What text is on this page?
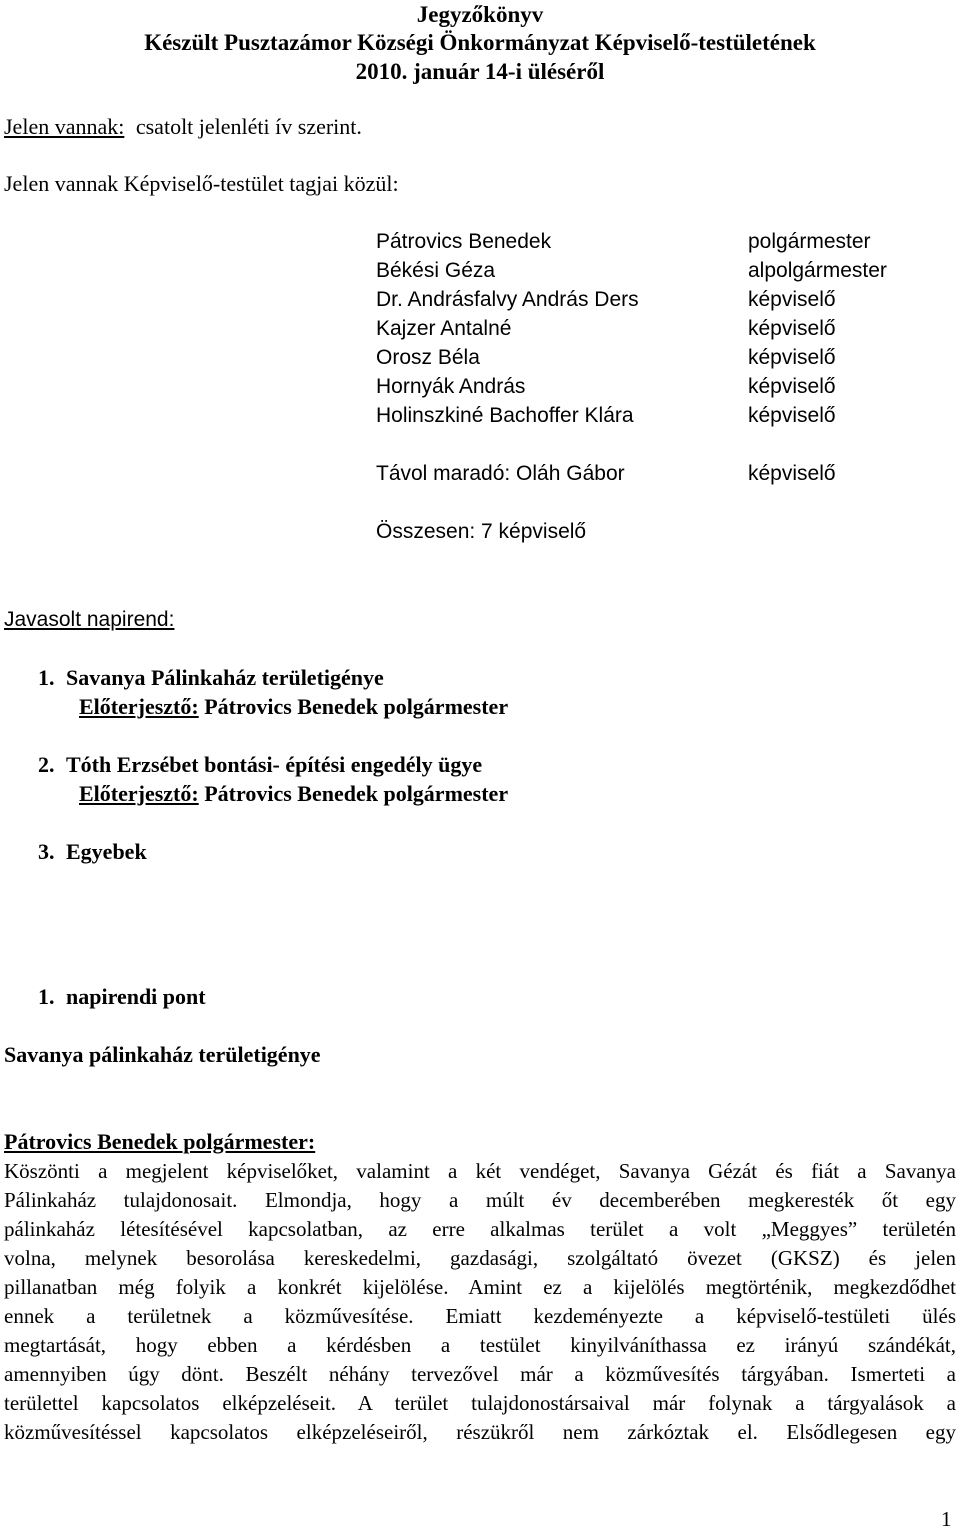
Jegyzőkönyv
Készült Pusztazámor Községi Önkormányzat Képviselő-testületének
2010. január 14-i üléséről
Jelen vannak: csatolt jelenléti ív szerint.
Jelen vannak Képviselő-testület tagjai közül:
Pátrovics Benedek	polgármester
Békési Géza	alpolgármester
Dr. Andrásfalvy András Ders	képviselő
Kajzer Antalné	képviselő
Orosz Béla	képviselő
Hornyák András	képviselő
Holinszkiné Bachoffer Klára	képviselő
Távol maradó: Oláh Gábor	képviselő
Összesen: 7 képviselő
Javasolt napirend:
1. Savanya Pálinkaház területigénye
Előterjesztő: Pátrovics Benedek polgármester
2. Tóth Erzsébet bontási- építési engedély ügye
Előterjesztő: Pátrovics Benedek polgármester
3. Egyebek
1. napirendi pont
Savanya pálinkaház területigénye
Pátrovics Benedek polgármester:
Köszönti a megjelent képviselőket, valamint a két vendéget, Savanya Gézát és fiát a Savanya
Pálinkaház tulajdonosait. Elmondja, hogy a múlt év decemberében megkeresték őt egy
pálinkaház létesítésével kapcsolatban, az erre alkalmas terület a volt „Meggyes” területén
volna, melynek besorolása kereskedelmi, gazdasági, szolgáltató övezet (GKSZ) és jelen
pillanatban még folyik a konkrét kijelölése. Amint ez a kijelölés megtörténik, megkezdődhet
ennek a területnek a közművesítése. Emiatt kezdeményezte a képviselő-testületi ülés
megtartását, hogy ebben a kérdésben a testület kinyilváníthassa ez irányú szándékát,
amennyiben úgy dönt. Beszélt néhány tervezővel már a közművesítés tárgyában. Ismerteti a
területtel kapcsolatos elképzeléseit. A terület tulajdonostársaival már folynak a tárgyalások a
közművesítéssel kapcsolatos elképzeléseiről, részükről nem zárkóztak el. Elsődlegesen egy
1
